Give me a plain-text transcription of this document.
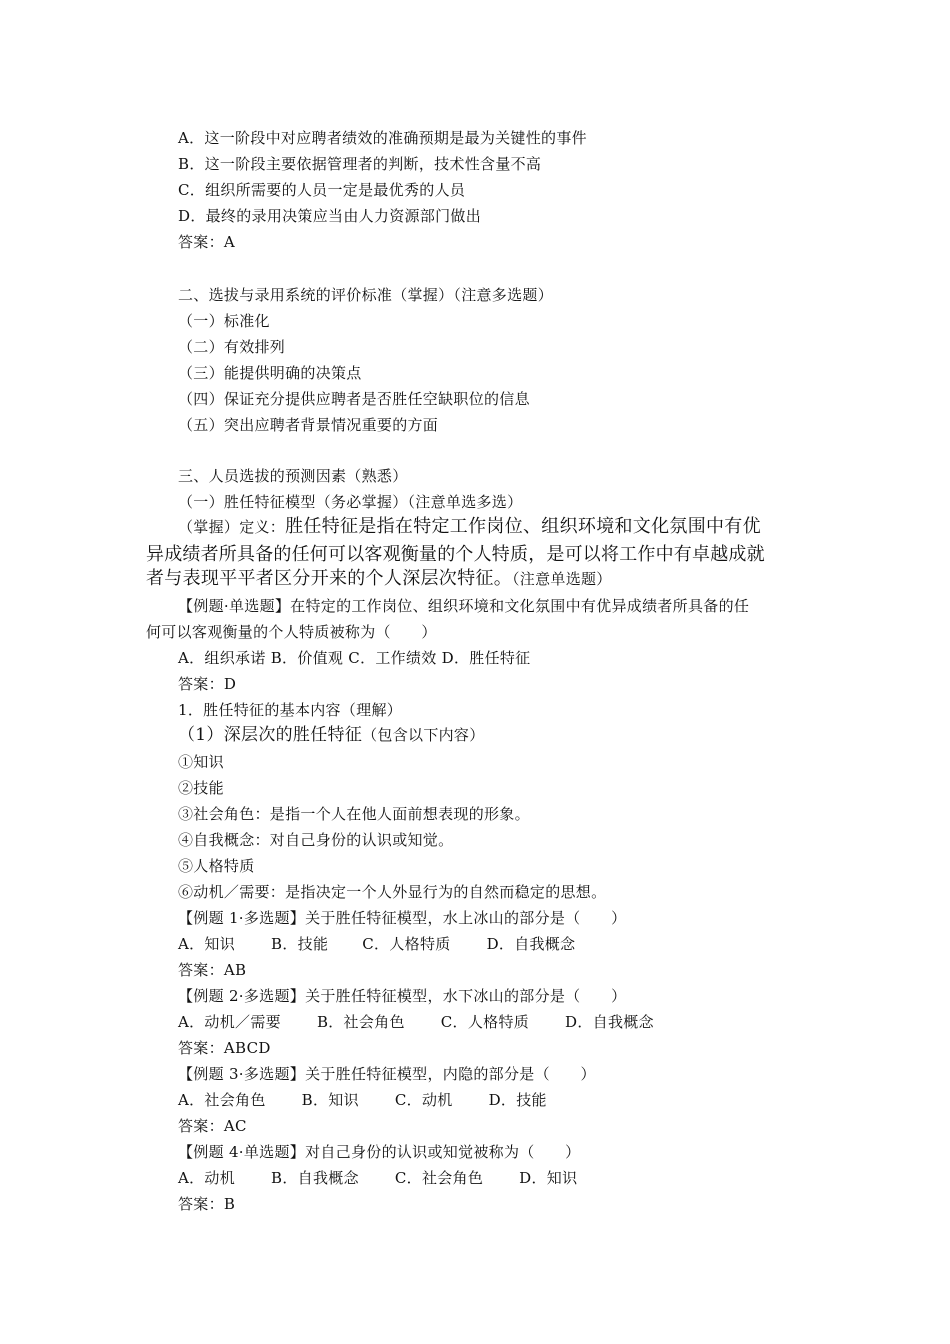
A．这一阶段中对应聘者绩效的准确预期是最为关键性的事件
B．这一阶段主要依据管理者的判断，技术性含量不高
C．组织所需要的人员一定是最优秀的人员
D．最终的录用决策应当由人力资源部门做出
答案：A
二、选拔与录用系统的评价标准（掌握）（注意多选题）
（一）标准化
（二）有效排列
（三）能提供明确的决策点
（四）保证充分提供应聘者是否胜任空缺职位的信息
（五）突出应聘者背景情况重要的方面
三、人员选拔的预测因素（熟悉）
（一）胜任特征模型（务必掌握）（注意单选多选）
（掌握）定义：胜任特征是指在特定工作岗位、组织环境和文化氛围中有优
异成绩者所具备的任何可以客观衡量的个人特质，是可以将工作中有卓越成就
者与表现平平者区分开来的个人深层次特征。（注意单选题）
【例题·单选题】在特定的工作岗位、组织环境和文化氛围中有优异成绩者所具备的任
何可以客观衡量的个人特质被称为（　　）
A．组织承诺 B．价值观 C．工作绩效 D．胜任特征
答案：D
1．胜任特征的基本内容（理解）
（1）深层次的胜任特征（包含以下内容）
①知识
②技能
③社会角色：是指一个人在他人面前想表现的形象。
④自我概念：对自己身份的认识或知觉。
⑤人格特质
⑥动机／需要：是指决定一个人外显行为的自然而稳定的思想。
【例题 1·多选题】关于胜任特征模型，水上冰山的部分是（　　）
A．知识 B．技能 C．人格特质 D．自我概念
答案：AB
【例题 2·多选题】关于胜任特征模型，水下冰山的部分是（　　）
A．动机／需要 B．社会角色 C．人格特质 D．自我概念
答案：ABCD
【例题 3·多选题】关于胜任特征模型，内隐的部分是（　　）
A．社会角色 B．知识 C．动机 D．技能
答案：AC
【例题 4·单选题】对自己身份的认识或知觉被称为（　　）
A．动机 B．自我概念 C．社会角色 D．知识
答案：B
